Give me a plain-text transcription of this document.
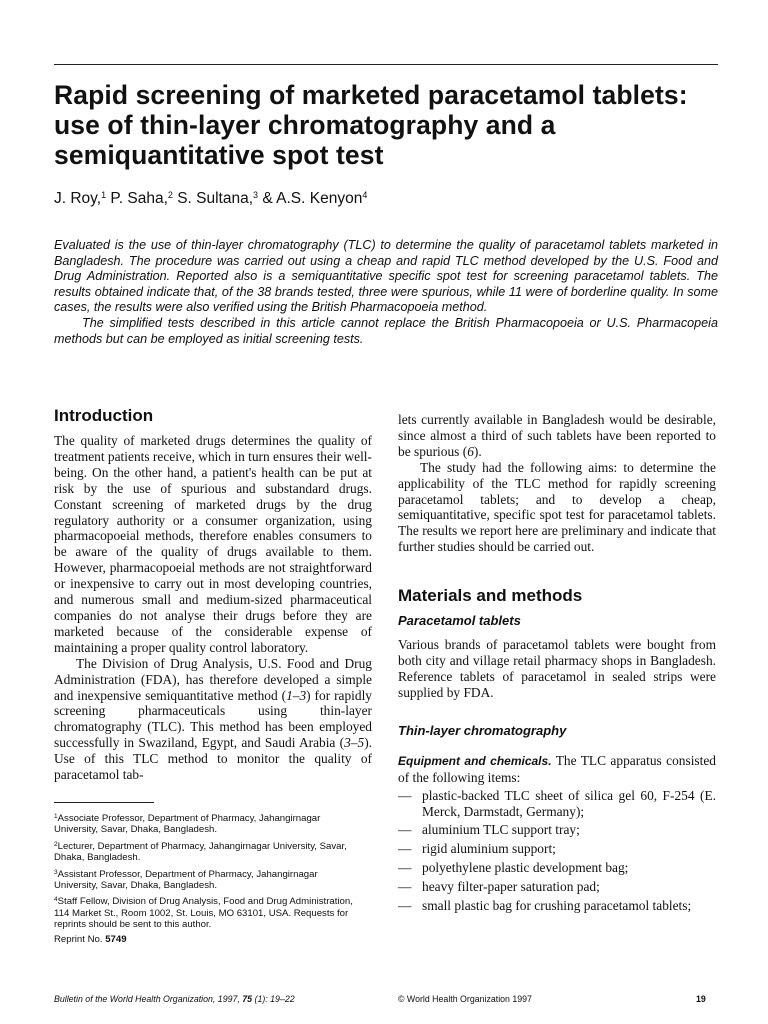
Rapid screening of marketed paracetamol tablets: use of thin-layer chromatography and a semiquantitative spot test
J. Roy,$^1$ P. Saha,$^2$ S. Sultana,$^3$ & A.S. Kenyon$^4$

Evaluated is the use of thin-layer chromatography (TLC) to determine the quality of paracetamol tablets marketed in Bangladesh. The procedure was carried out using a cheap and rapid TLC method developed by the U.S. Food and Drug Administration. Reported also is a semiquantitative specific spot test for screening paracetamol tablets. The results obtained indicate that, of the 38 brands tested, three were spurious, while 11 were of borderline quality. In some cases, the results were also verified using the British Pharmacopoeia method.

The simplified tests described in this article cannot replace the British Pharmacopoeia or U.S. Pharmacopeia methods but can be employed as initial screening tests.

Introduction

The quality of marketed drugs determines the quality of treatment patients receive, which in turn ensures their well-being. On the other hand, a patient's health can be put at risk by the use of spurious and substandard drugs. Constant screening of marketed drugs by the drug regulatory authority or a consumer organization, using pharmacopoeial methods, therefore enables consumers to be aware of the quality of drugs available to them. However, pharmacopoeial methods are not straightforward or inexpensive to carry out in most developing countries, and numerous small and medium-sized pharmaceutical companies do not analyse their drugs before they are marketed because of the considerable expense of maintaining a proper quality control laboratory.

The Division of Drug Analysis, U.S. Food and Drug Administration (FDA), has therefore developed a simple and inexpensive semiquantitative method (1–3) for rapidly screening pharmaceuticals using thin-layer chromatography (TLC). This method has been employed successfully in Swaziland, Egypt, and Saudi Arabia (3–5). Use of this TLC method to monitor the quality of paracetamol tab-

lets currently available in Bangladesh would be desirable, since almost a third of such tablets have been reported to be spurious (6).

The study had the following aims: to determine the applicability of the TLC method for rapidly screening paracetamol tablets; and to develop a cheap, semiquantitative, specific spot test for paracetamol tablets. The results we report here are preliminary and indicate that further studies should be carried out.

Materials and methods
Paracetamol tablets

Various brands of paracetamol tablets were bought from both city and village retail pharmacy shops in Bangladesh. Reference tablets of paracetamol in sealed strips were supplied by FDA.

Thin-layer chromatography

Equipment and chemicals. The TLC apparatus consisted of the following items:

— plastic-backed TLC sheet of silica gel 60, F-254 (E. Merck, Darmstadt, Germany);
— aluminium TLC support tray;
— rigid aluminium support;
— polyethylene plastic development bag;
— heavy filter-paper saturation pad;
— small plastic bag for crushing paracetamol tablets;

$^1$Associate Professor, Department of Pharmacy, Jahangirnagar University, Savar, Dhaka, Bangladesh.

$^2$Lecturer, Department of Pharmacy, Jahangirnagar University, Savar, Dhaka, Bangladesh.

$^3$Assistant Professor, Department of Pharmacy, Jahangirnagar University, Savar, Dhaka, Bangladesh.

$^4$Staff Fellow, Division of Drug Analysis, Food and Drug Administration, 114 Market St., Room 1002, St. Louis, MO 63101, USA. Requests for reprints should be sent to this author.

Reprint No. 5749

Bulletin of the World Health Organization, 1997, 75 (1): 19–22	© World Health Organization 1997	19
